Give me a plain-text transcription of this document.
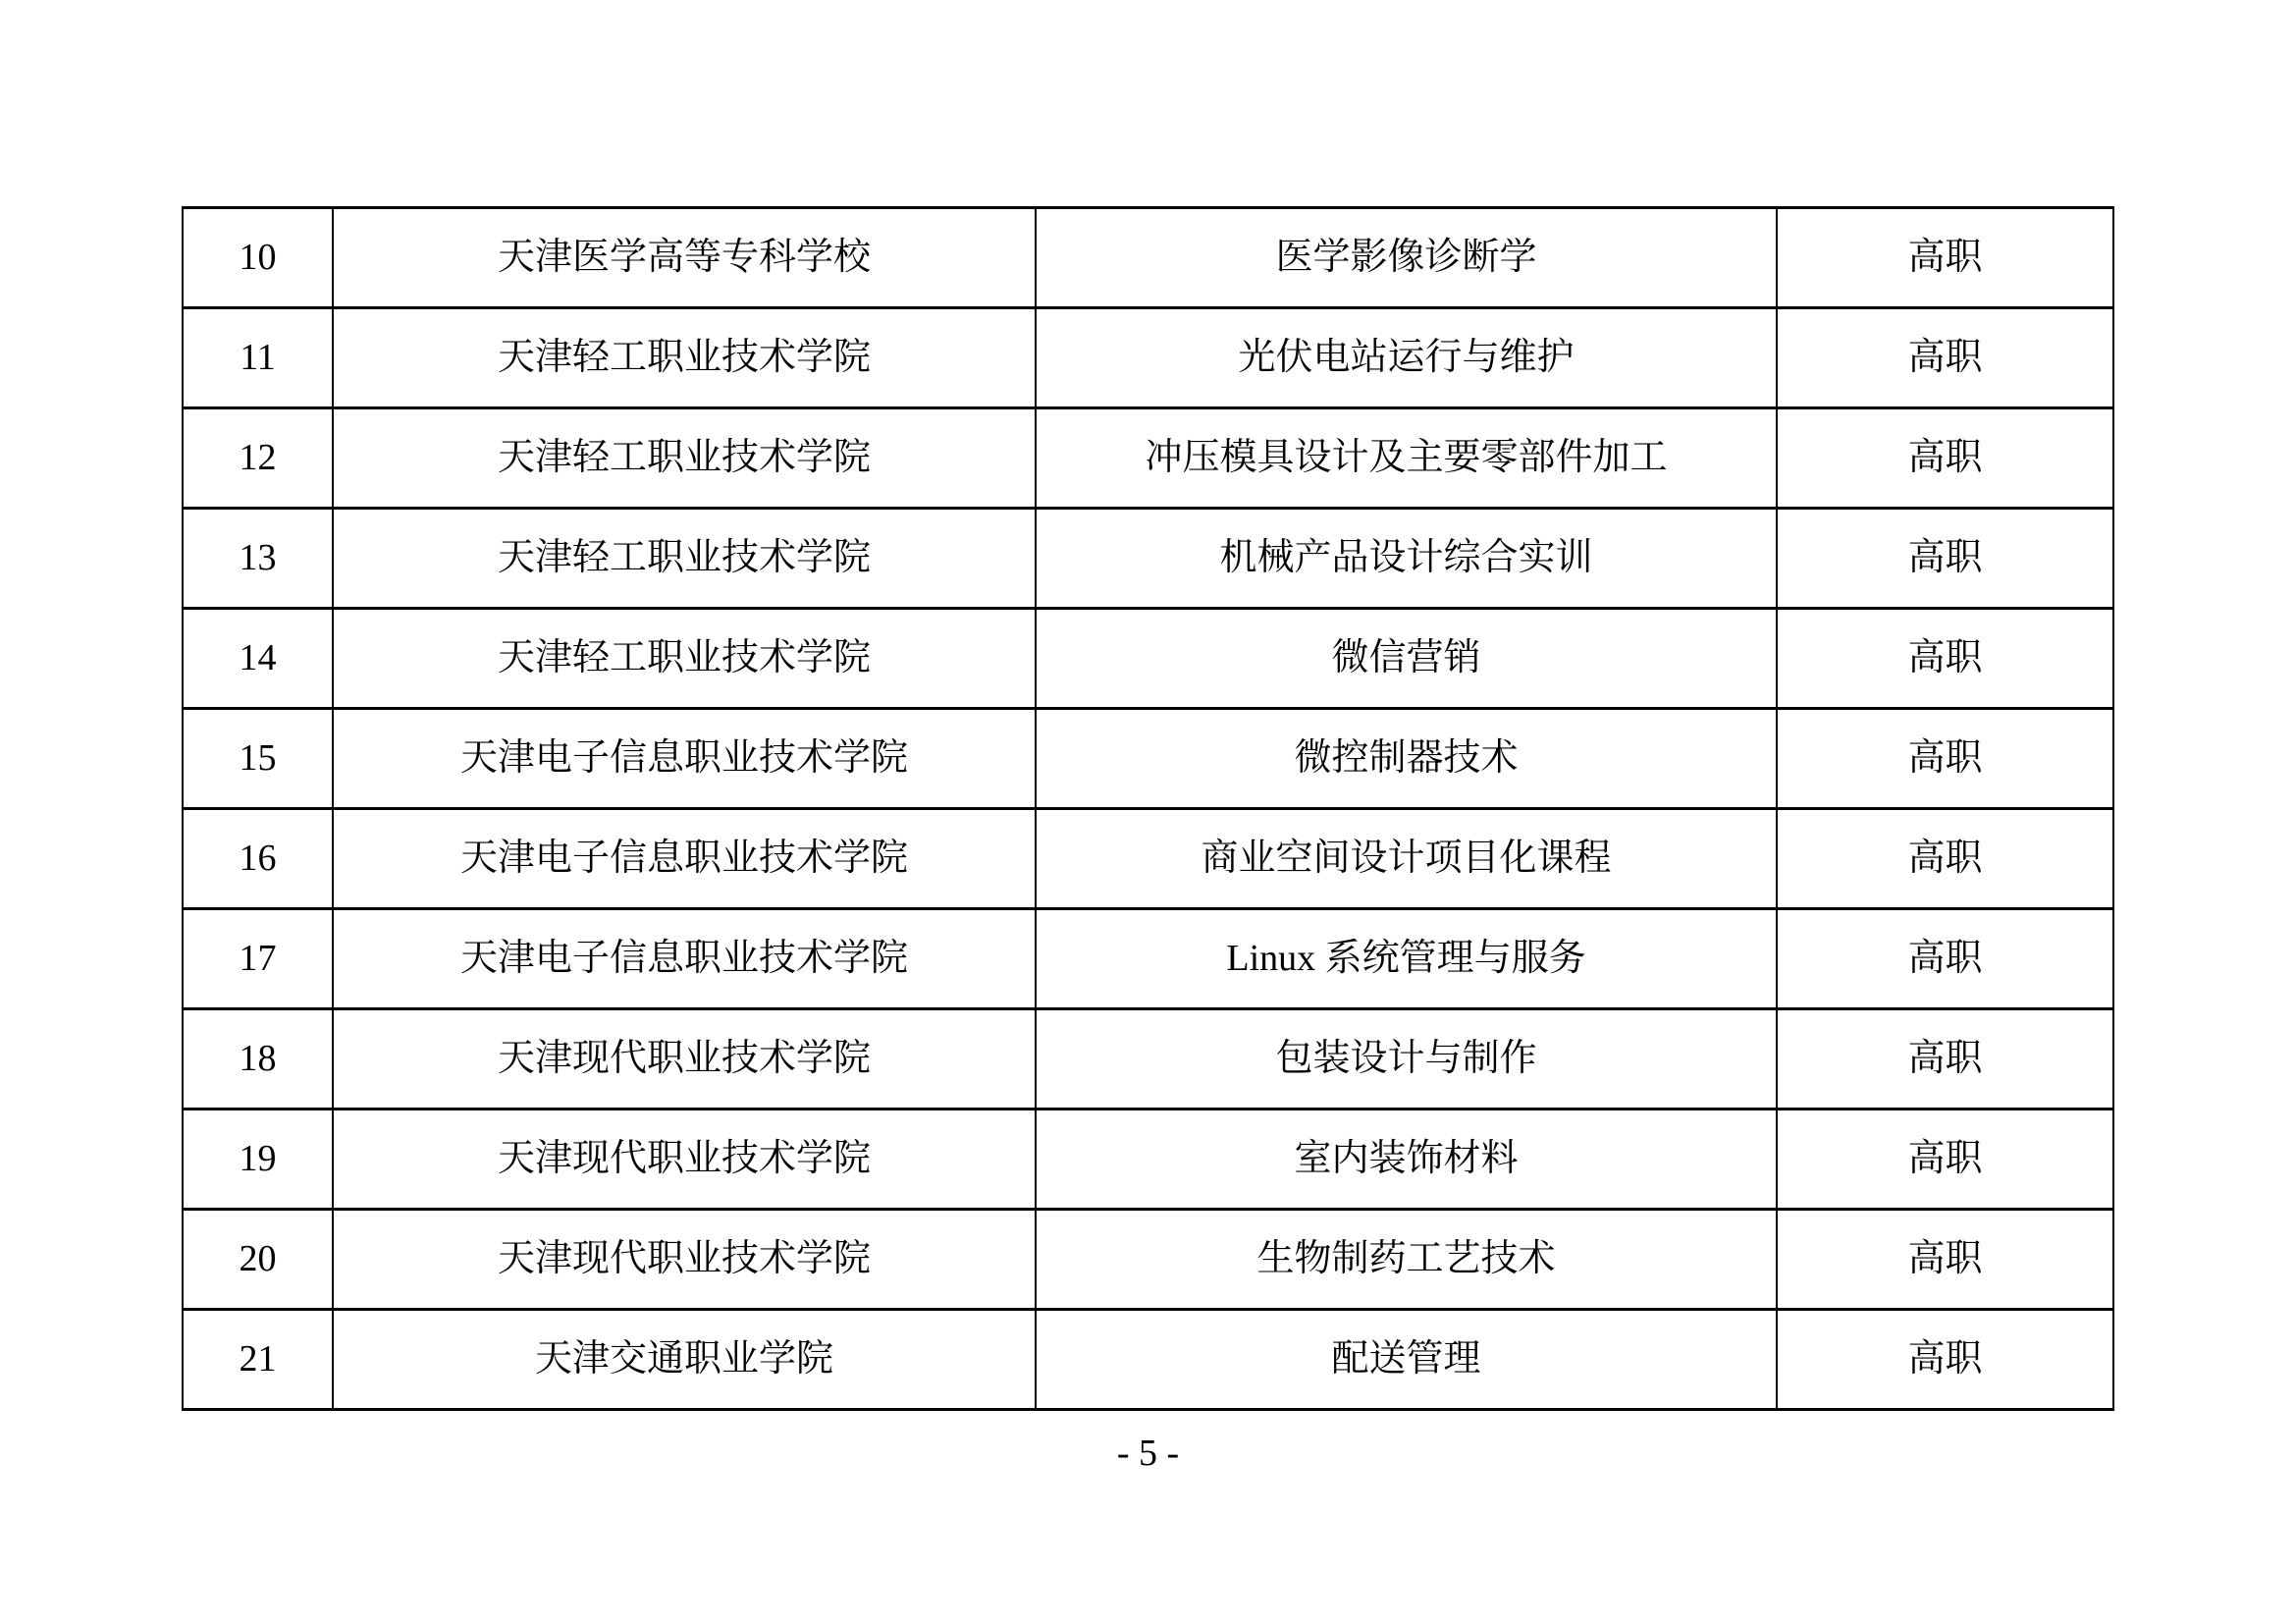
10	天津医学高等专科学校	医学影像诊断学	高职
11	天津轻工职业技术学院	光伏电站运行与维护	高职
12	天津轻工职业技术学院	冲压模具设计及主要零部件加工	高职
13	天津轻工职业技术学院	机械产品设计综合实训	高职
14	天津轻工职业技术学院	微信营销	高职
15	天津电子信息职业技术学院	微控制器技术	高职
16	天津电子信息职业技术学院	商业空间设计项目化课程	高职
17	天津电子信息职业技术学院	Linux 系统管理与服务	高职
18	天津现代职业技术学院	包装设计与制作	高职
19	天津现代职业技术学院	室内装饰材料	高职
20	天津现代职业技术学院	生物制药工艺技术	高职
21	天津交通职业学院	配送管理	高职
- 5 -
